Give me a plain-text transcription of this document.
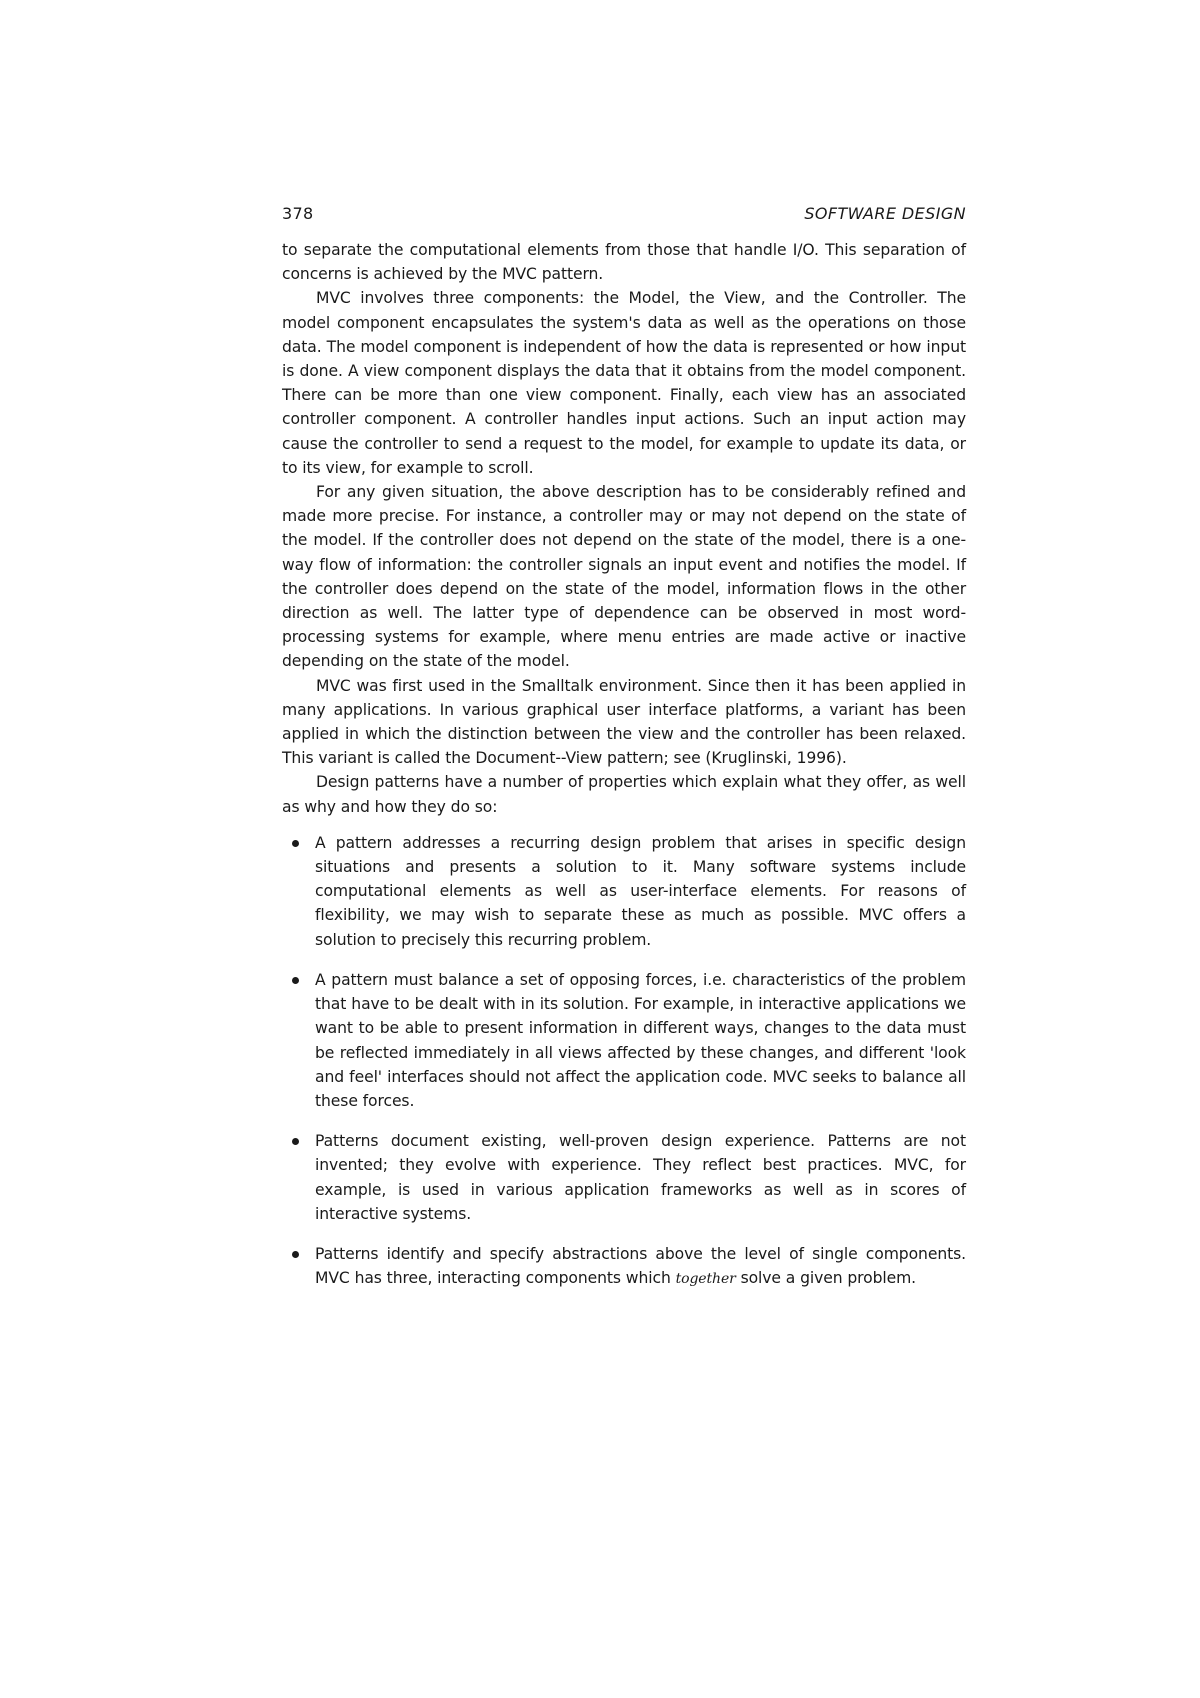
378	SOFTWARE DESIGN

to separate the computational elements from those that handle I/O. This separation of concerns is achieved by the MVC pattern.

MVC involves three components: the Model, the View, and the Controller. The model component encapsulates the system's data as well as the operations on those data. The model component is independent of how the data is represented or how input is done. A view component displays the data that it obtains from the model component. There can be more than one view component. Finally, each view has an associated controller component. A controller handles input actions. Such an input action may cause the controller to send a request to the model, for example to update its data, or to its view, for example to scroll.

For any given situation, the above description has to be considerably refined and made more precise. For instance, a controller may or may not depend on the state of the model. If the controller does not depend on the state of the model, there is a one-way flow of information: the controller signals an input event and notifies the model. If the controller does depend on the state of the model, information flows in the other direction as well. The latter type of dependence can be observed in most word-processing systems for example, where menu entries are made active or inactive depending on the state of the model.

MVC was first used in the Smalltalk environment. Since then it has been applied in many applications. In various graphical user interface platforms, a variant has been applied in which the distinction between the view and the controller has been relaxed. This variant is called the Document--View pattern; see (Kruglinski, 1996).

Design patterns have a number of properties which explain what they offer, as well as why and how they do so:

A pattern addresses a recurring design problem that arises in specific design situations and presents a solution to it. Many software systems include computational elements as well as user-interface elements. For reasons of flexibility, we may wish to separate these as much as possible. MVC offers a solution to precisely this recurring problem.
A pattern must balance a set of opposing forces, i.e. characteristics of the problem that have to be dealt with in its solution. For example, in interactive applications we want to be able to present information in different ways, changes to the data must be reflected immediately in all views affected by these changes, and different 'look and feel' interfaces should not affect the application code. MVC seeks to balance all these forces.
Patterns document existing, well-proven design experience. Patterns are not invented; they evolve with experience. They reflect best practices. MVC, for example, is used in various application frameworks as well as in scores of interactive systems.
Patterns identify and specify abstractions above the level of single components. MVC has three, interacting components which together solve a given problem.
